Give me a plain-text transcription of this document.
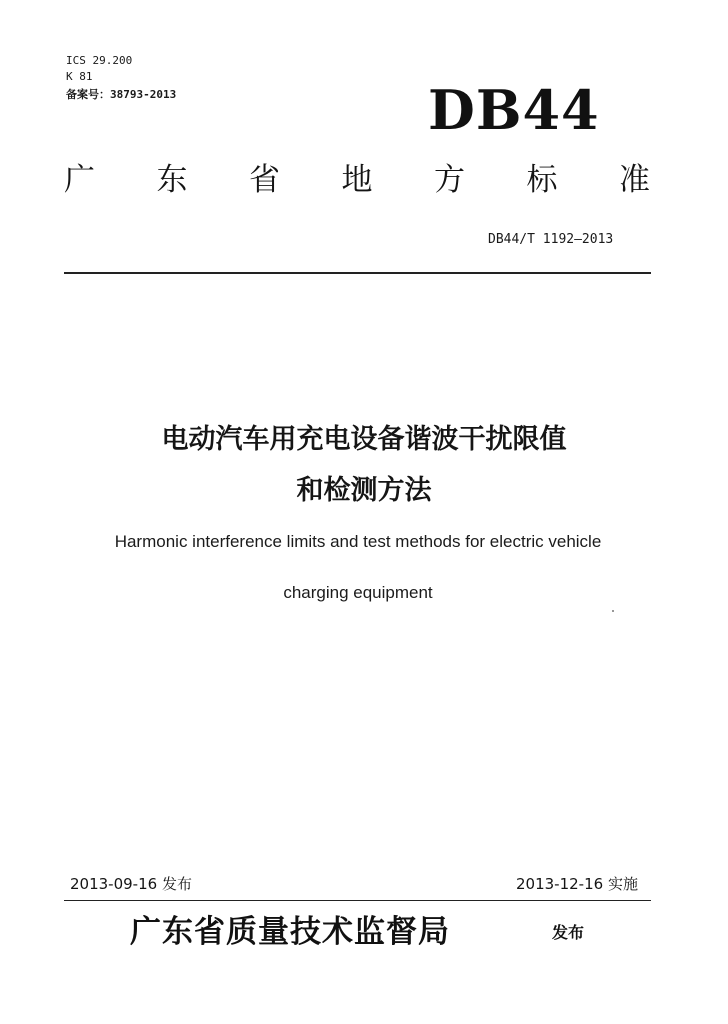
ICS 29.200
K 81
备案号：38793-2013	DB44
广 东 省 地 方 标 准
DB44/T 1192—2013
电动汽车用充电设备谐波干扰限值
和检测方法
Harmonic interference limits and test methods for electric vehicle
charging equipment
2013-09-16 发布	2013-12-16 实施
广东省质量技术监督局	发布
